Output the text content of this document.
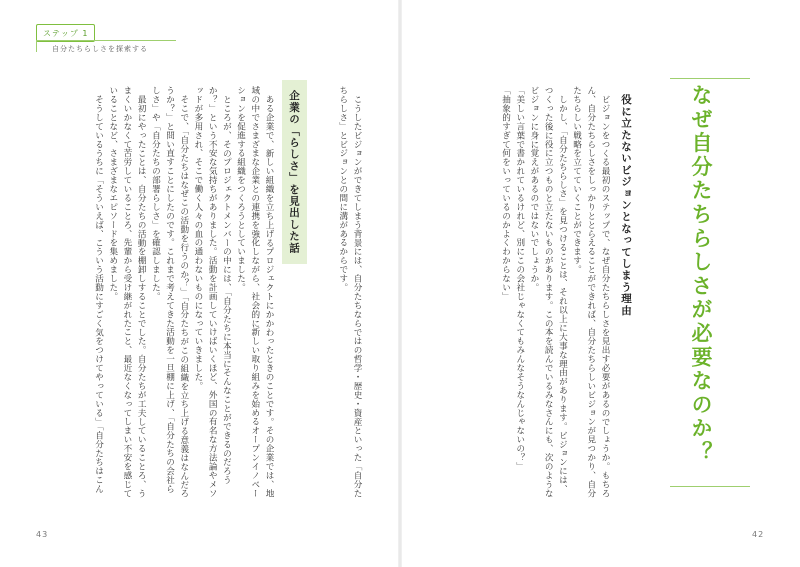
ステップ 1
自分たちらしさを探索する
なぜ自分たちらしさが必要なのか？
役に立たないビジョンとなってしまう理由

ビジョンをつくる最初のステップで、なぜ自分たちらしさを見出す必要があるのでしょうか。もちろん、自分たちらしさをしっかりととらえることができれば、自分たちらしいビジョンが見つかり、自分たちらしい戦略を立てていくことができます。

しかし、「自分たちらしさ」を見つけることは、それ以上に大事な理由があります。ビジョンには、つくった後に役に立つものと立たないものがあります。この本を読んでいるみなさんにも、次のようなビジョンに身に覚えがあるのではないでしょうか。

「美しい言葉で書かれているけれど、別にこの会社じゃなくてもみんなそうなんじゃないの？」

「抽象的すぎて何をいっているのかよくわからない」

42

こうしたビジョンができてしまう背景には、自分たちならではの哲学・歴史・資産といった「自分たちらしさ」とビジョンとの間に溝があるからです。

企業の「らしさ」を見出した話

ある企業で、新しい組織を立ち上げるプロジェクトにかかわったときのことです。その企業では、地域の中でさまざまな企業との連携を強化しながら、社会的に新しい取り組みを始めるオープンイノベーションを促進する組織をつくろうとしていました。

ところが、そのプロジェクトメンバーの中には、「自分たちに本当にそんなことができるのだろうか？」という不安な気持ちがありました。活動を計画していけばいくほど、外国の有名な方法論やメソッドが多用され、そこで働く人々の血の通わないものになっていきました。

そこで、「自分たちはなぜこの活動を行うのか？」「自分たちがこの組織を立ち上げる意義はなんだろうか？」と問い直すことにしたのです。これまで考えてきた活動を一旦棚に上げ、「自分たちの会社らしさ」や「自分たちの部署らしさ」を確認しました。

最初にやったことは、自分たちの活動を棚卸しすることでした。自分たちが工夫していることろ、うまくいかなくて苦労していることろ、先輩から受け継がれたこと、最近なくなってしまい不安を感じていることなど、さまざまなエピソードを集めました。

そうしているうちに「そういえば、こういう活動にすごく気をつけてやっている」「自分たちはこん

43
